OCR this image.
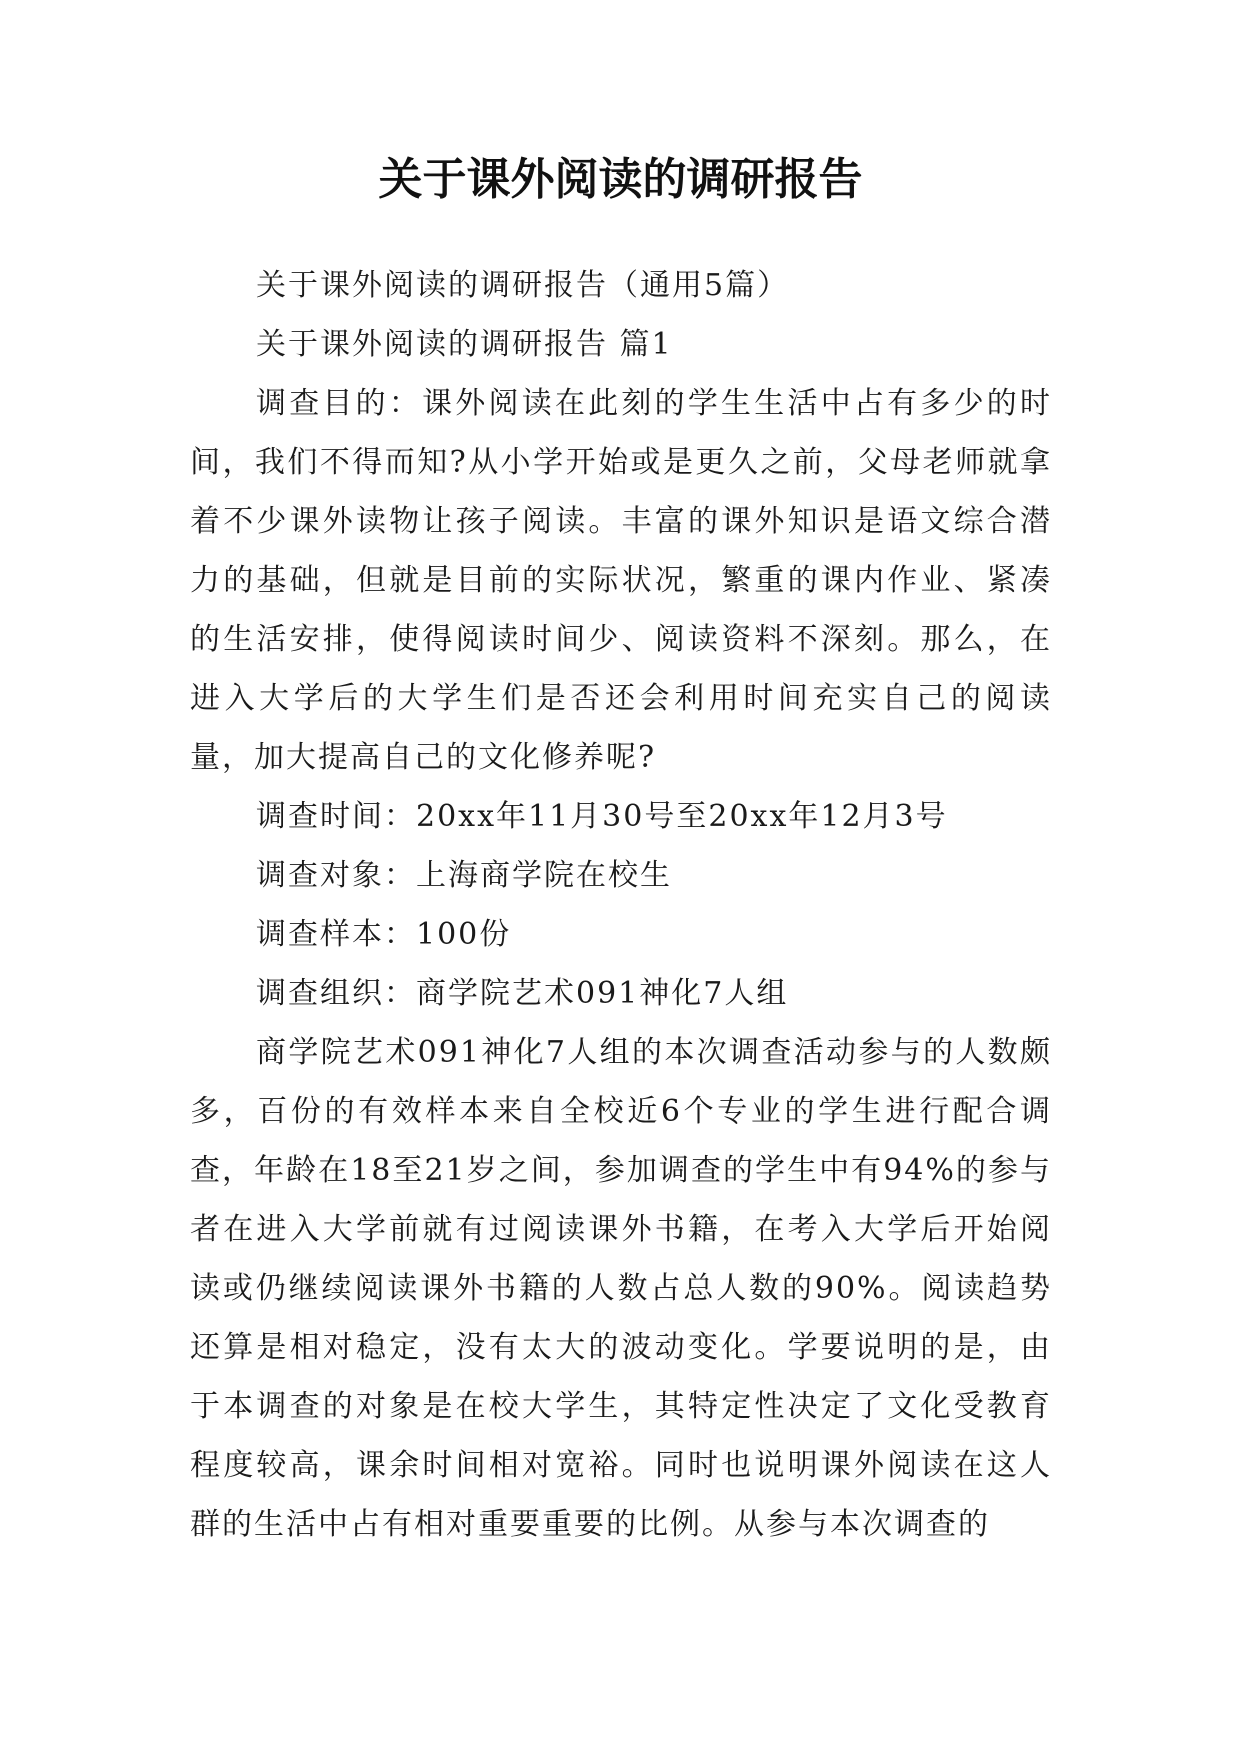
关于课外阅读的调研报告

关于课外阅读的调研报告（通用5篇）

关于课外阅读的调研报告 篇1

调查目的：课外阅读在此刻的学生生活中占有多少的时间，我们不得而知?从小学开始或是更久之前，父母老师就拿着不少课外读物让孩子阅读。丰富的课外知识是语文综合潜力的基础，但就是目前的实际状况，繁重的课内作业、紧凑的生活安排，使得阅读时间少、阅读资料不深刻。那么，在进入大学后的大学生们是否还会利用时间充实自己的阅读量，加大提高自己的文化修养呢?

调查时间：20xx年11月30号至20xx年12月3号

调查对象：上海商学院在校生

调查样本：100份

调查组织：商学院艺术091神化7人组

商学院艺术091神化7人组的本次调查活动参与的人数颇多，百份的有效样本来自全校近6个专业的学生进行配合调查，年龄在18至21岁之间，参加调查的学生中有94%的参与者在进入大学前就有过阅读课外书籍，在考入大学后开始阅读或仍继续阅读课外书籍的人数占总人数的90%。阅读趋势还算是相对稳定，没有太大的波动变化。学要说明的是，由于本调查的对象是在校大学生，其特定性决定了文化受教育程度较高，课余时间相对宽裕。同时也说明课外阅读在这人群的生活中占有相对重要重要的比例。从参与本次调查的
